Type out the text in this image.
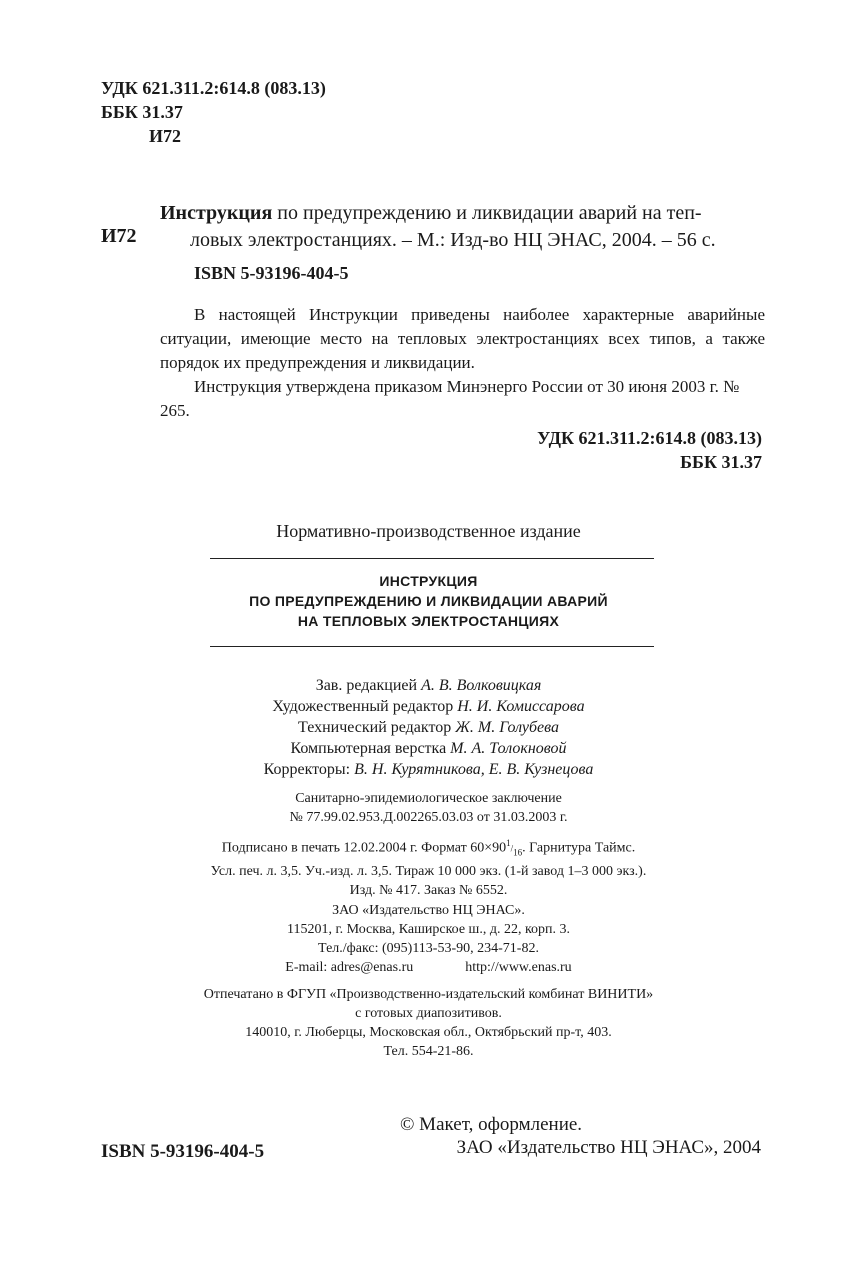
УДК 621.311.2:614.8 (083.13)
ББК 31.37
И72
И72
Инструкция по предупреждению и ликвидации аварий на теп-
ловых электростанциях. – М.: Изд-во НЦ ЭНАС, 2004. – 56 с.
ISBN 5-93196-404-5

В настоящей Инструкции приведены наиболее характерные аварийные ситуации, имеющие место на тепловых электростанциях всех типов, а также порядок их предупреждения и ликвидации.

Инструкция утверждена приказом Минэнерго России от 30 июня 2003 г. № 265.

УДК 621.311.2:614.8 (083.13)
ББК 31.37
Нормативно-производственное издание
ИНСТРУКЦИЯ
ПО ПРЕДУПРЕЖДЕНИЮ И ЛИКВИДАЦИИ АВАРИЙ
НА ТЕПЛОВЫХ ЭЛЕКТРОСТАНЦИЯХ
Зав. редакцией А. В. Волковицкая
Художественный редактор Н. И. Комиссарова
Технический редактор Ж. М. Голубева
Компьютерная верстка М. А. Толокновой
Корректоры: В. Н. Курятникова, Е. В. Кузнецова
Санитарно-эпидемиологическое заключение
№ 77.99.02.953.Д.002265.03.03 от 31.03.2003 г.
Подписано в печать 12.02.2004 г. Формат $60\times 90^1/_{16}$. Гарнитура Таймс.
Усл. печ. л. 3,5. Уч.-изд. л. 3,5. Тираж 10 000 экз. (1-й завод 1–3 000 экз.).
Изд. № 417. Заказ № 6552.
ЗАО «Издательство НЦ ЭНАС».
115201, г. Москва, Каширское ш., д. 22, корп. 3.
Тел./факс: (095)113-53-90, 234-71-82.
E-mail: adres@enas.ru	http://www.enas.ru
Отпечатано в ФГУП «Производственно-издательский комбинат ВИНИТИ»
с готовых диапозитивов.
140010, г. Люберцы, Московская обл., Октябрьский пр-т, 403.
Тел. 554-21-86.
© Макет, оформление.
ЗАО «Издательство НЦ ЭНАС», 2004
ISBN 5-93196-404-5
